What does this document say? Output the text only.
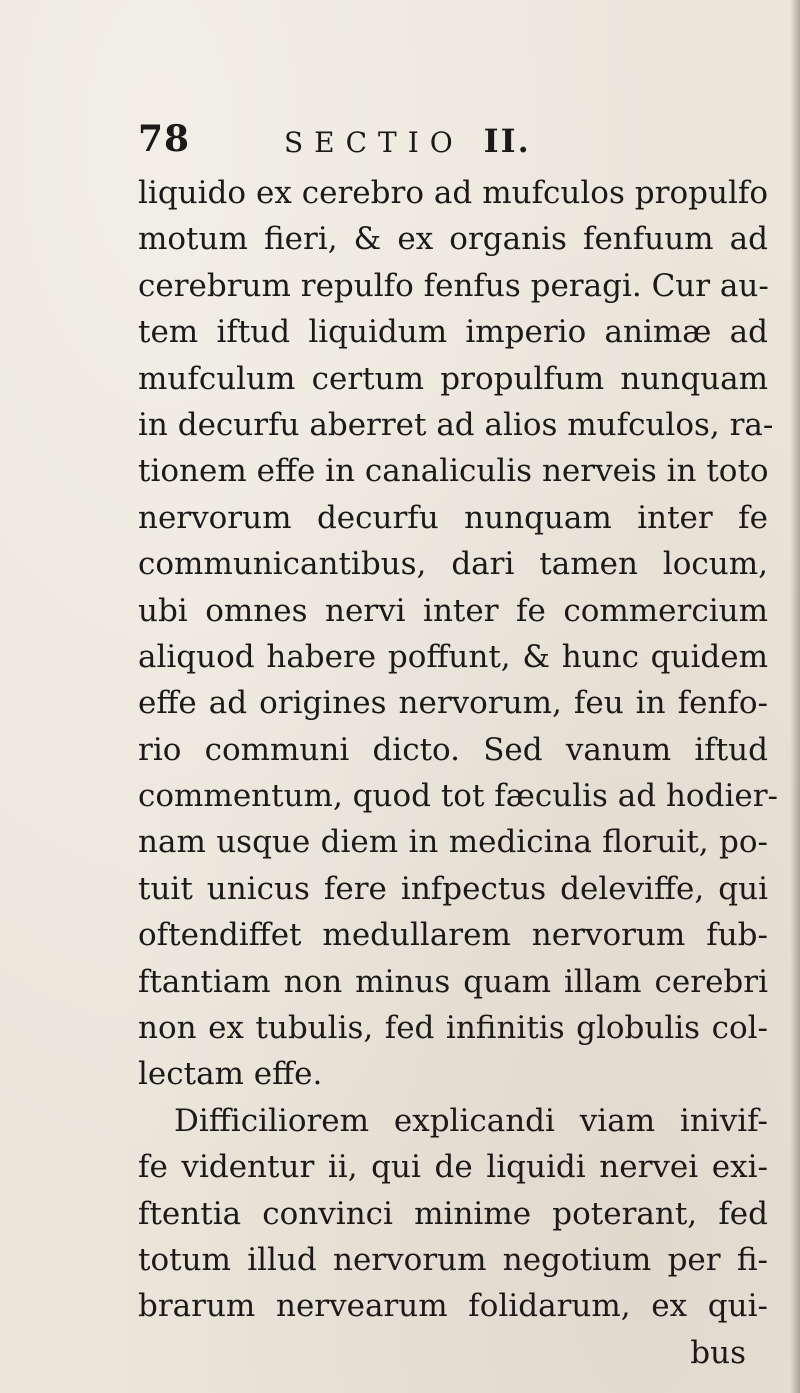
78	SECTIO II.
liquido ex cerebro ad mufculos propulfo
motum fieri, & ex organis fenfuum ad
cerebrum repulfo fenfus peragi. Cur au-
tem iftud liquidum imperio animæ ad
mufculum certum propulfum nunquam
in decurfu aberret ad alios mufculos, ra-
tionem effe in canaliculis nerveis in toto
nervorum decurfu nunquam inter fe
communicantibus, dari tamen locum,
ubi omnes nervi inter fe commercium
aliquod habere poffunt, & hunc quidem
effe ad origines nervorum, feu in fenfo-
rio communi dicto. Sed vanum iftud
commentum, quod tot fæculis ad hodier-
nam usque diem in medicina floruit, po-
tuit unicus fere infpectus deleviffe, qui
oftendiffet medullarem nervorum fub-
ftantiam non minus quam illam cerebri
non ex tubulis, fed infinitis globulis col-
lectam effe.
Difficiliorem explicandi viam inivif-
fe videntur ii, qui de liquidi nervei exi-
ftentia convinci minime poterant, fed
totum illud nervorum negotium per fi-
brarum nervearum folidarum, ex qui-
bus
